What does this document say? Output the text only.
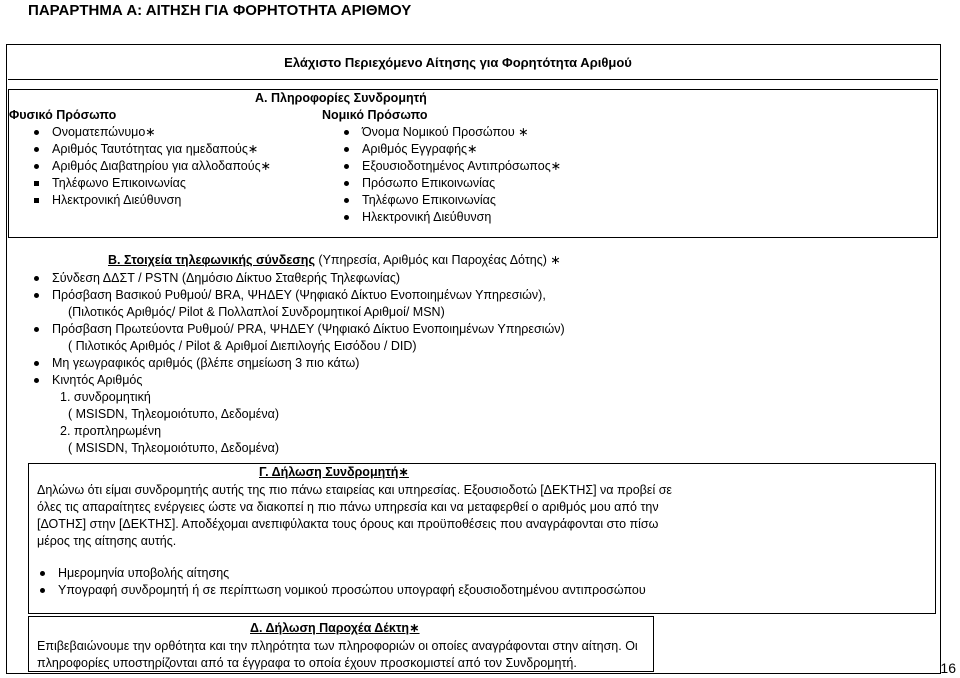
ΠΑΡΑΡΤΗΜΑ Α: ΑΙΤΗΣΗ ΓΙΑ ΦΟΡΗΤΟΤΗΤΑ ΑΡΙΘΜΟΥ
Ελάχιστο Περιεχόμενο Αίτησης για Φορητότητα Αριθμού
Α. Πληροφορίες Συνδρομητή
Φυσικό Πρόσωπο
Ονοματεπώνυμο∗
Αριθμός Ταυτότητας για ημεδαπούς∗
Αριθμός Διαβατηρίου για αλλοδαπούς∗
Τηλέφωνο Επικοινωνίας
Ηλεκτρονική Διεύθυνση
Νομικό Πρόσωπο
Όνομα Νομικού Προσώπου ∗
Αριθμός Εγγραφής∗
Εξουσιοδοτημένος Αντιπρόσωπος∗
Πρόσωπο Επικοινωνίας
Τηλέφωνο Επικοινωνίας
Ηλεκτρονική Διεύθυνση
Β. Στοιχεία τηλεφωνικής σύνδεσης (Υπηρεσία, Αριθμός και Παροχέας Δότης) ∗
Σύνδεση ΔΔΣΤ / PSTN (Δημόσιο Δίκτυο Σταθερής Τηλεφωνίας)
Πρόσβαση Βασικού Ρυθμού/ BRA, ΨΗΔΕΥ (Ψηφιακό Δίκτυο Ενοποιημένων Υπηρεσιών),
(Πιλοτικός Αριθμός/ Pilot & Πολλαπλοί Συνδρομητικοί Αριθμοί/ MSN)
Πρόσβαση Πρωτεύοντα Ρυθμού/ PRA, ΨΗΔΕΥ (Ψηφιακό Δίκτυο Ενοποιημένων Υπηρεσιών)
( Πιλοτικός Αριθμός / Pilot & Αριθμοί Διεπιλογής Εισόδου / DID)
Μη γεωγραφικός αριθμός (βλέπε σημείωση 3 πιο κάτω)
Κινητός Αριθμός
1. συνδρομητική
( MSISDN, Τηλεομοιότυπο, Δεδομένα)
2. προπληρωμένη
( MSISDN, Τηλεομοιότυπο, Δεδομένα)
Γ. Δήλωση Συνδρομητή∗
Δηλώνω ότι είμαι συνδρομητής αυτής της πιο πάνω εταιρείας και υπηρεσίας. Εξουσιοδοτώ [ΔΕΚΤΗΣ] να προβεί σε
όλες τις απαραίτητες ενέργειες ώστε να διακοπεί η πιο πάνω υπηρεσία και να μεταφερθεί ο αριθμός μου από την
[ΔΟΤΗΣ] στην [ΔΕΚΤΗΣ]. Αποδέχομαι ανεπιφύλακτα τους όρους και προϋποθέσεις που αναγράφονται στο πίσω
μέρος της αίτησης αυτής.
Ημερομηνία υποβολής αίτησης
Υπογραφή συνδρομητή ή σε περίπτωση νομικού προσώπου υπογραφή εξουσιοδοτημένου αντιπροσώπου
Δ. Δήλωση Παροχέα Δέκτη∗
Επιβεβαιώνουμε την ορθότητα και την πληρότητα των πληροφοριών οι οποίες αναγράφονται στην αίτηση. Οι
πληροφορίες υποστηρίζονται από τα έγγραφα το οποία έχουν προσκομιστεί από τον Συνδρομητή.	16
